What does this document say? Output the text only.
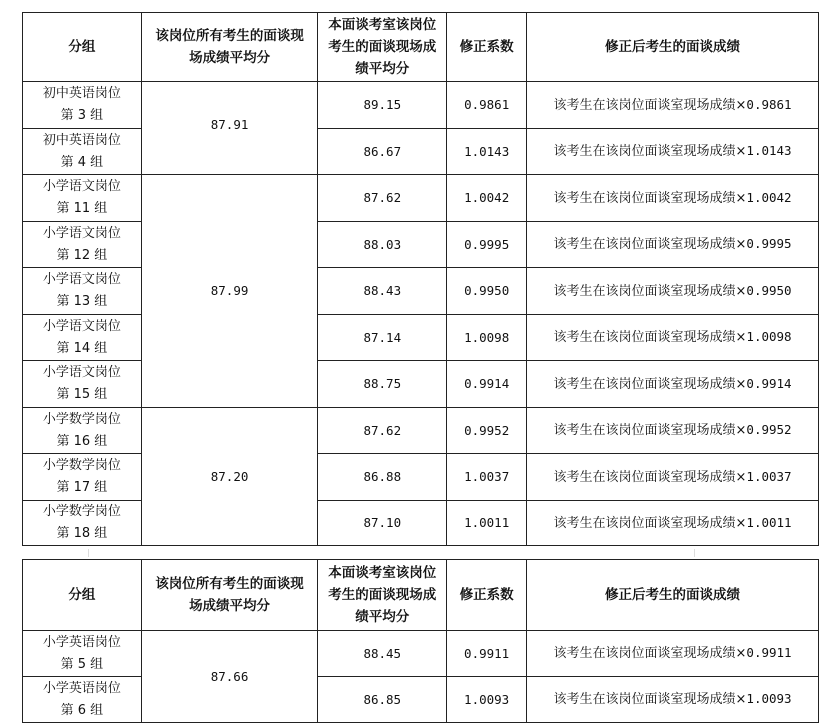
分组	该岗位所有考生的面谈现场成绩平均分	本面谈考室该岗位考生的面谈现场成绩平均分	修正系数	修正后考生的面谈成绩

初中英语岗位
第 3 组	87.91	89.15	0.9861	该考生在该岗位面谈室现场成绩×0.9861

初中英语岗位
第 4 组		86.67	1.0143	该考生在该岗位面谈室现场成绩×1.0143

小学语文岗位
第 11 组	87.99	87.62	1.0042	该考生在该岗位面谈室现场成绩×1.0042

小学语文岗位
第 12 组		88.03	0.9995	该考生在该岗位面谈室现场成绩×0.9995

小学语文岗位
第 13 组		88.43	0.9950	该考生在该岗位面谈室现场成绩×0.9950

小学语文岗位
第 14 组		87.14	1.0098	该考生在该岗位面谈室现场成绩×1.0098

小学语文岗位
第 15 组		88.75	0.9914	该考生在该岗位面谈室现场成绩×0.9914

小学数学岗位
第 16 组	87.20	87.62	0.9952	该考生在该岗位面谈室现场成绩×0.9952

小学数学岗位
第 17 组		86.88	1.0037	该考生在该岗位面谈室现场成绩×1.0037

小学数学岗位
第 18 组		87.10	1.0011	该考生在该岗位面谈室现场成绩×1.0011
分组	该岗位所有考生的面谈现场成绩平均分	本面谈考室该岗位考生的面谈现场成绩平均分	修正系数	修正后考生的面谈成绩

小学英语岗位
第 5 组	87.66	88.45	0.9911	该考生在该岗位面谈室现场成绩×0.9911

小学英语岗位
第 6 组		86.85	1.0093	该考生在该岗位面谈室现场成绩×1.0093
